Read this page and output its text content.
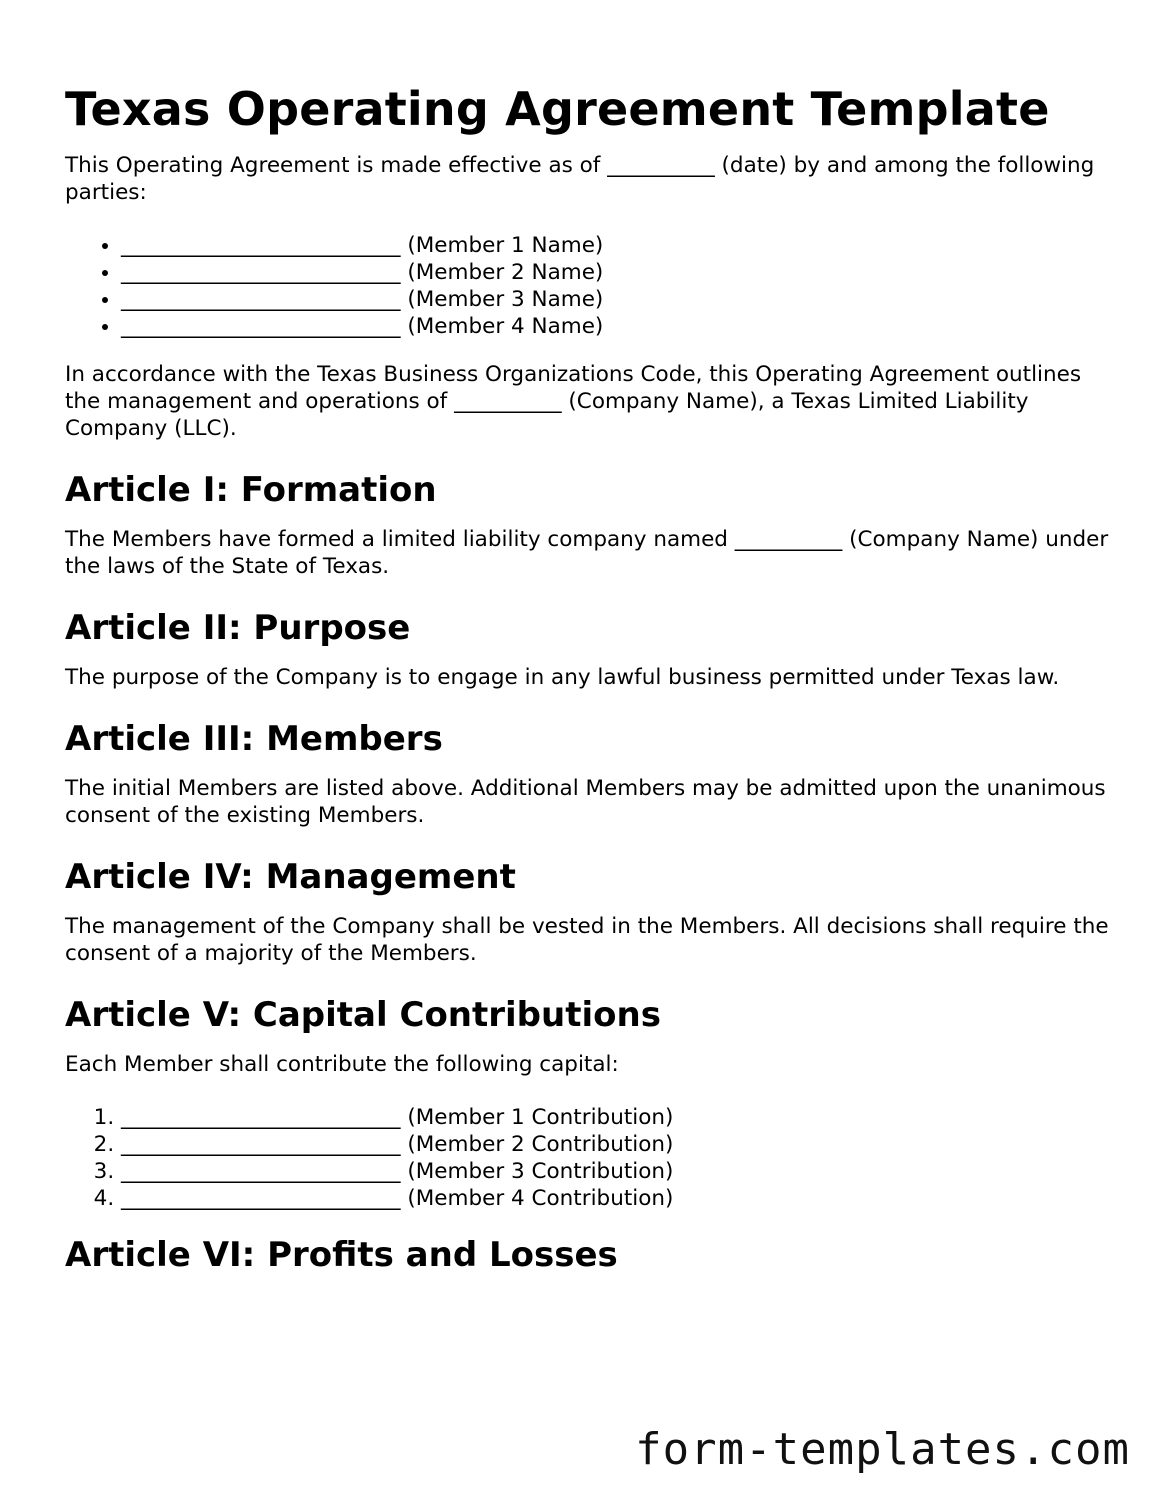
Texas Operating Agreement Template

This Operating Agreement is made effective as of __________ (date) by and among the following parties:

• __________________________ (Member 1 Name)
• __________________________ (Member 2 Name)
• __________________________ (Member 3 Name)
• __________________________ (Member 4 Name)

In accordance with the Texas Business Organizations Code, this Operating Agreement outlines the management and operations of __________ (Company Name), a Texas Limited Liability Company (LLC).

Article I: Formation

The Members have formed a limited liability company named __________ (Company Name) under the laws of the State of Texas.

Article II: Purpose

The purpose of the Company is to engage in any lawful business permitted under Texas law.

Article III: Members

The initial Members are listed above. Additional Members may be admitted upon the unanimous consent of the existing Members.

Article IV: Management

The management of the Company shall be vested in the Members. All decisions shall require the consent of a majority of the Members.

Article V: Capital Contributions

Each Member shall contribute the following capital:

1. __________________________ (Member 1 Contribution)
2. __________________________ (Member 2 Contribution)
3. __________________________ (Member 3 Contribution)
4. __________________________ (Member 4 Contribution)
Article VI: Profits and Losses
form-templates.com
